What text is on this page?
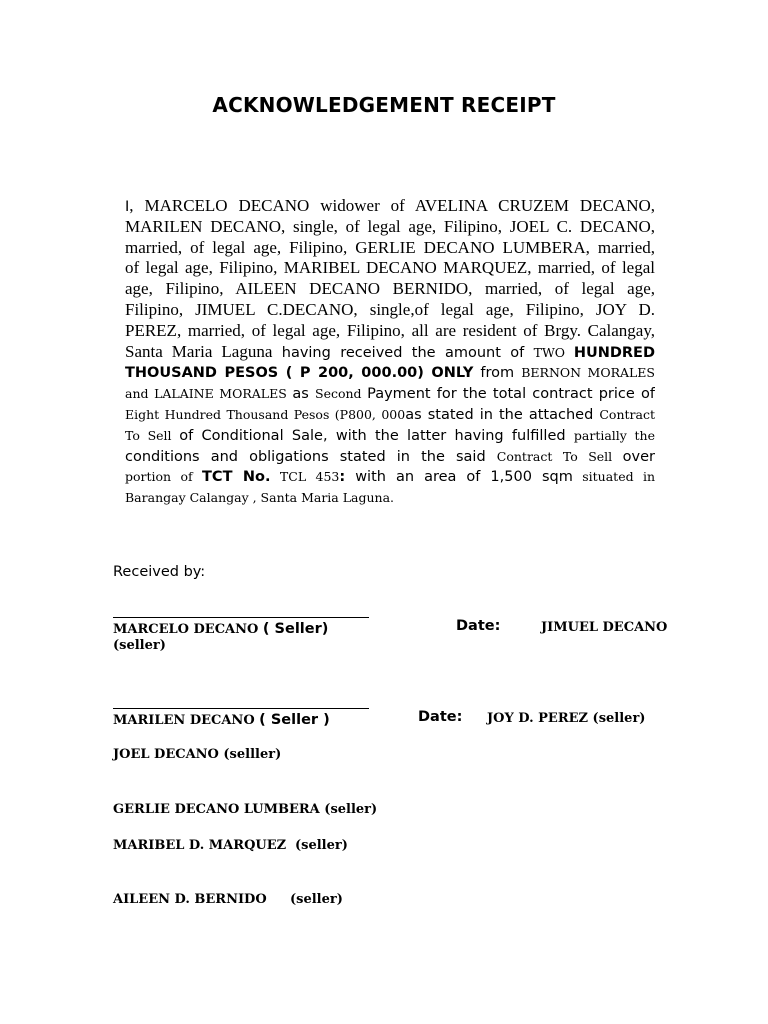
ACKNOWLEDGEMENT RECEIPT
I, MARCELO DECANO widower of AVELINA CRUZEM DECANO,
MARILEN DECANO, single, of legal age, Filipino, JOEL C. DECANO,
married, of legal age, Filipino, GERLIE DECANO LUMBERA, married,
of legal age, Filipino, MARIBEL DECANO MARQUEZ, married, of legal
age, Filipino, AILEEN DECANO BERNIDO, married, of legal age,
Filipino, JIMUEL C.DECANO, single,of legal age, Filipino, JOY D.
PEREZ, married, of legal age, Filipino, all are resident of Brgy. Calangay,
Santa Maria Laguna having received the amount of TWO HUNDRED
THOUSAND PESOS ( P 200, 000.00) ONLY from BERNON MORALES
and LALAINE MORALES as Second Payment for the total contract price of
Eight Hundred Thousand Pesos (P800, 000as stated in the attached Contract
To Sell of Conditional Sale, with the latter having fulfilled partially the
conditions and obligations stated in the said Contract To Sell over
portion of TCT No. TCL 453: with an area of 1,500 sqm situated in
Barangay Calangay , Santa Maria Laguna.
Received by:
MARCELO DECANO ( Seller)	Date:	JIMUEL DECANO
(seller)
MARILEN DECANO ( Seller )	Date: JOY D. PEREZ (seller)
JOEL DECANO (selller)
GERLIE DECANO LUMBERA (seller)
MARIBEL D. MARQUEZ (seller)
AILEEN D. BERNIDO (seller)
